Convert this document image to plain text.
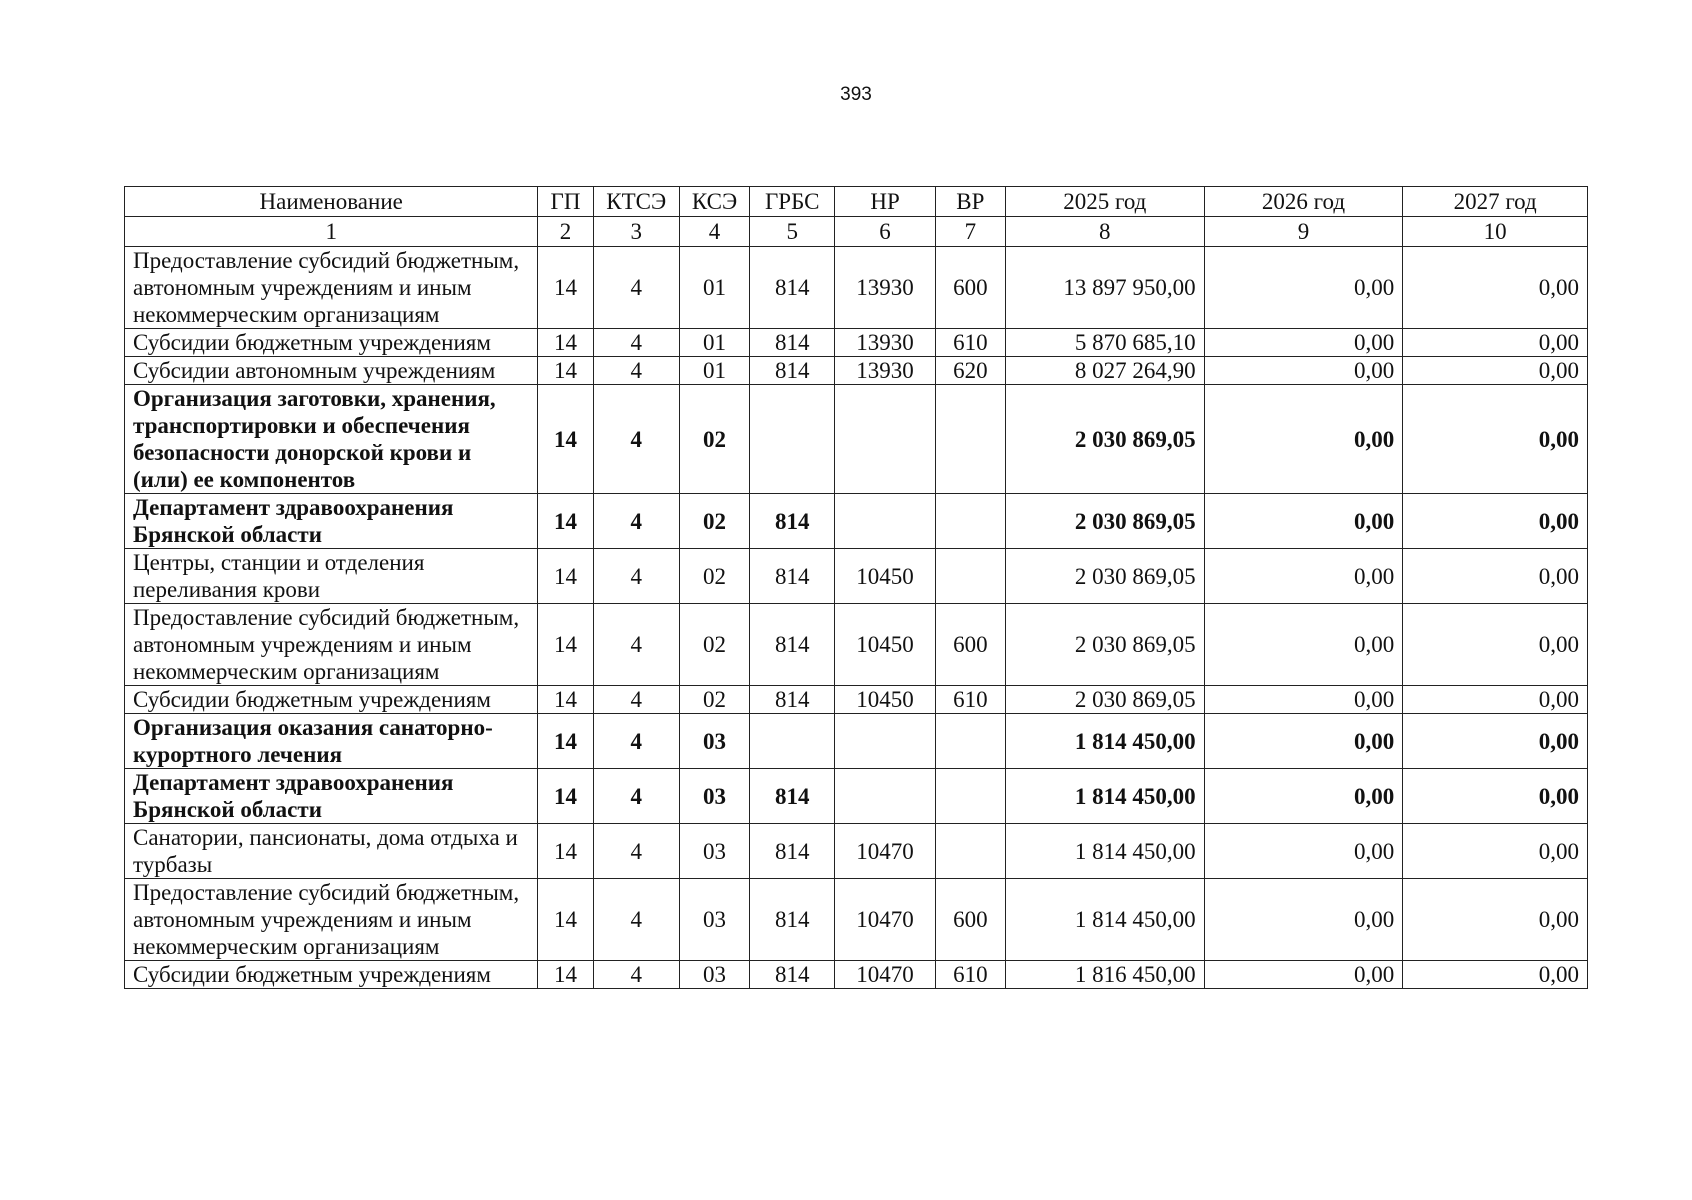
393
Наименование	ГП	КТСЭ	КСЭ	ГРБС	НР	ВР	2025 год	2026 год	2027 год
1	2	3	4	5	6	7	8	9	10
Предоставление субсидий бюджетным, автономным учреждениям и иным некоммерческим организациям	14	4	01	814	13930	600	13 897 950,00	0,00	0,00
Субсидии бюджетным учреждениям	14	4	01	814	13930	610	5 870 685,10	0,00	0,00
Субсидии автономным учреждениям	14	4	01	814	13930	620	8 027 264,90	0,00	0,00
Организация заготовки, хранения, транспортировки и обеспечения безопасности донорской крови и (или) ее компонентов	14	4	02				2 030 869,05	0,00	0,00
Департамент здравоохранения Брянской области	14	4	02	814			2 030 869,05	0,00	0,00
Центры, станции и отделения переливания крови	14	4	02	814	10450		2 030 869,05	0,00	0,00
Предоставление субсидий бюджетным, автономным учреждениям и иным некоммерческим организациям	14	4	02	814	10450	600	2 030 869,05	0,00	0,00
Субсидии бюджетным учреждениям	14	4	02	814	10450	610	2 030 869,05	0,00	0,00
Организация оказания санаторно-курортного лечения	14	4	03				1 814 450,00	0,00	0,00
Департамент здравоохранения Брянской области	14	4	03	814			1 814 450,00	0,00	0,00
Санатории, пансионаты, дома отдыха и турбазы	14	4	03	814	10470		1 814 450,00	0,00	0,00
Предоставление субсидий бюджетным, автономным учреждениям и иным некоммерческим организациям	14	4	03	814	10470	600	1 814 450,00	0,00	0,00
Субсидии бюджетным учреждениям	14	4	03	814	10470	610	1 816 450,00	0,00	0,00
